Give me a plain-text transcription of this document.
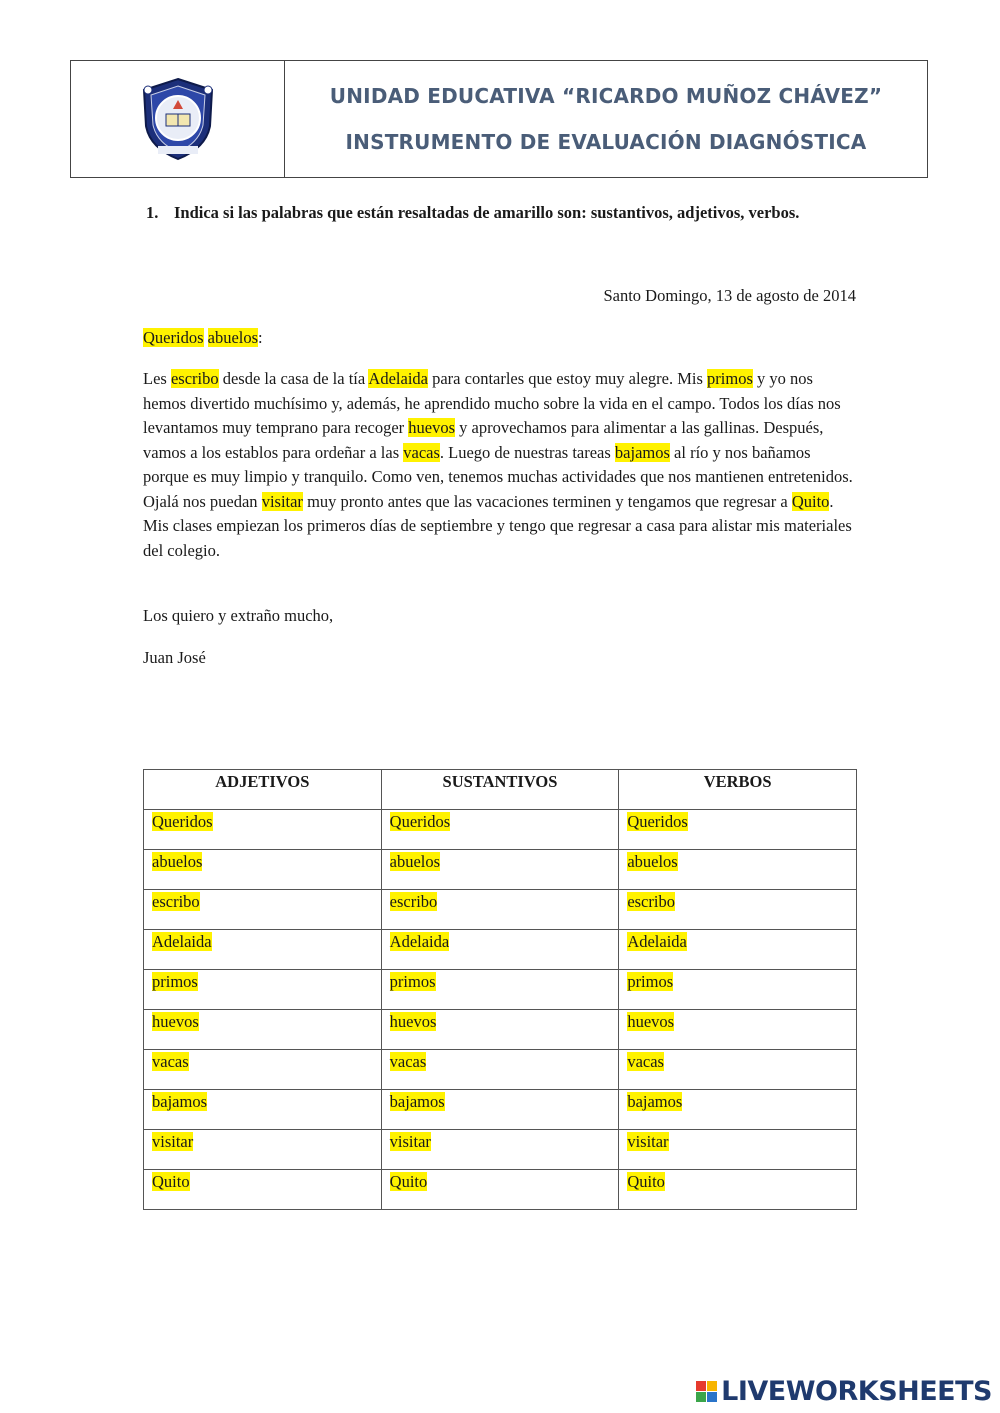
UNIDAD EDUCATIVA “RICARDO MUÑOZ CHÁVEZ”
INSTRUMENTO DE EVALUACIÓN DIAGNÓSTICA
1. Indica si las palabras que están resaltadas de amarillo son: sustantivos, adjetivos, verbos.
Santo Domingo, 13 de agosto de 2014
Queridos abuelos:
Les escribo desde la casa de la tía Adelaida para contarles que estoy muy alegre. Mis primos y yo nos hemos divertido muchísimo y, además, he aprendido mucho sobre la vida en el campo. Todos los días nos levantamos muy temprano para recoger huevos y aprovechamos para alimentar a las gallinas. Después, vamos a los establos para ordeñar a las vacas. Luego de nuestras tareas bajamos al río y nos bañamos porque es muy limpio y tranquilo. Como ven, tenemos muchas actividades que nos mantienen entretenidos. Ojalá nos puedan visitar muy pronto antes que las vacaciones terminen y tengamos que regresar a Quito. Mis clases empiezan los primeros días de septiembre y tengo que regresar a casa para alistar mis materiales del colegio.
Los quiero y extraño mucho,
Juan José
ADJETIVOS	SUSTANTIVOS	VERBOS
Queridos	Queridos	Queridos
abuelos	abuelos	abuelos
escribo	escribo	escribo
Adelaida	Adelaida	Adelaida
primos	primos	primos
huevos	huevos	huevos
vacas	vacas	vacas
bajamos	bajamos	bajamos
visitar	visitar	visitar
Quito	Quito	Quito
LIVEWORKSHEETS
